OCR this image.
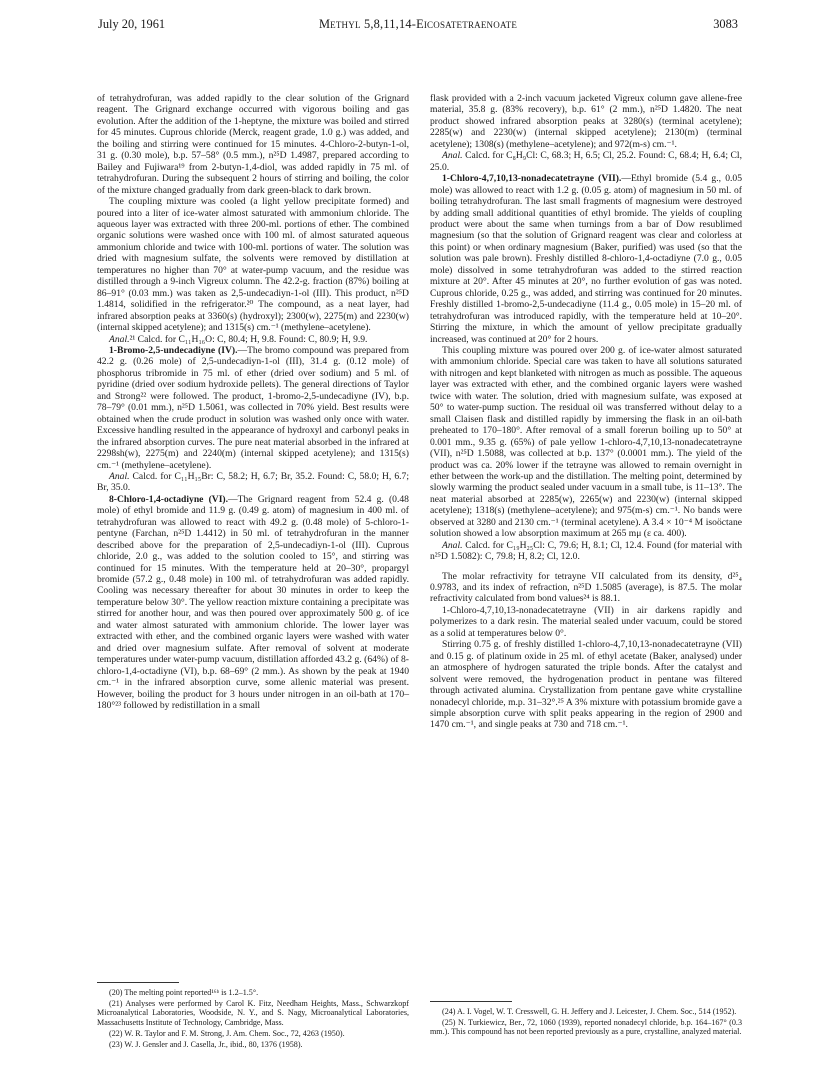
July 20, 1961	Methyl 5,8,11,14-Eicosatetraenoate	3083

of tetrahydrofuran, was added rapidly to the clear solution of the Grignard reagent. The Grignard exchange occurred with vigorous boiling and gas evolution. After the addition of the 1-heptyne, the mixture was boiled and stirred for 45 minutes. Cuprous chloride (Merck, reagent grade, 1.0 g.) was added, and the boiling and stirring were continued for 15 minutes. 4-Chloro-2-butyn-1-ol, 31 g. (0.30 mole), b.p. 57–58° (0.5 mm.), n²⁵D 1.4987, prepared according to Bailey and Fujiwara¹⁹ from 2-butyn-1,4-diol, was added rapidly in 75 ml. of tetrahydrofuran. During the subsequent 2 hours of stirring and boiling, the color of the mixture changed gradually from dark green-black to dark brown.

The coupling mixture was cooled (a light yellow precipitate formed) and poured into a liter of ice-water almost saturated with ammonium chloride. The aqueous layer was extracted with three 200-ml. portions of ether. The combined organic solutions were washed once with 100 ml. of almost saturated aqueous ammonium chloride and twice with 100-ml. portions of water. The solution was dried with magnesium sulfate, the solvents were removed by distillation at temperatures no higher than 70° at water-pump vacuum, and the residue was distilled through a 9-inch Vigreux column. The 42.2-g. fraction (87%) boiling at 86–91° (0.03 mm.) was taken as 2,5-undecadiyn-1-ol (III). This product, n²⁵D 1.4814, solidified in the refrigerator.²⁰ The compound, as a neat layer, had infrared absorption peaks at 3360(s) (hydroxyl); 2300(w), 2275(m) and 2230(w) (internal skipped acetylene); and 1315(s) cm.⁻¹ (methylene–acetylene).

Anal.²¹ Calcd. for C₁₁H₁₆O: C, 80.4; H, 9.8. Found: C, 80.9; H, 9.9.

1-Bromo-2,5-undecadiyne (IV).—The bromo compound was prepared from 42.2 g. (0.26 mole) of 2,5-undecadiyn-1-ol (III), 31.4 g. (0.12 mole) of phosphorus tribromide in 75 ml. of ether (dried over sodium) and 5 ml. of pyridine (dried over sodium hydroxide pellets). The general directions of Taylor and Strong²² were followed. The product, 1-bromo-2,5-undecadiyne (IV), b.p. 78–79° (0.01 mm.), n²⁵D 1.5061, was collected in 70% yield. Best results were obtained when the crude product in solution was washed only once with water. Excessive handling resulted in the appearance of hydroxyl and carbonyl peaks in the infrared absorption curves. The pure neat material absorbed in the infrared at 2298sh(w), 2275(m) and 2240(m) (internal skipped acetylene); and 1315(s) cm.⁻¹ (methylene–acetylene).

Anal. Calcd. for C₁₁H₁₅Br: C, 58.2; H, 6.7; Br, 35.2. Found: C, 58.0; H, 6.7; Br, 35.0.

8-Chloro-1,4-octadiyne (VI).—The Grignard reagent from 52.4 g. (0.48 mole) of ethyl bromide and 11.9 g. (0.49 g. atom) of magnesium in 400 ml. of tetrahydrofuran was allowed to react with 49.2 g. (0.48 mole) of 5-chloro-1-pentyne (Farchan, n²⁵D 1.4412) in 50 ml. of tetrahydrofuran in the manner described above for the preparation of 2,5-undecadiyn-1-ol (III). Cuprous chloride, 2.0 g., was added to the solution cooled to 15°, and stirring was continued for 15 minutes. With the temperature held at 20–30°, propargyl bromide (57.2 g., 0.48 mole) in 100 ml. of tetrahydrofuran was added rapidly. Cooling was necessary thereafter for about 30 minutes in order to keep the temperature below 30°. The yellow reaction mixture containing a precipitate was stirred for another hour, and was then poured over approximately 500 g. of ice and water almost saturated with ammonium chloride. The lower layer was extracted with ether, and the combined organic layers were washed with water and dried over magnesium sulfate. After removal of solvent at moderate temperatures under water-pump vacuum, distillation afforded 43.2 g. (64%) of 8-chloro-1,4-octadiyne (VI), b.p. 68–69° (2 mm.). As shown by the peak at 1940 cm.⁻¹ in the infrared absorption curve, some allenic material was present. However, boiling the product for 3 hours under nitrogen in an oil-bath at 170–180°²³ followed by redistillation in a small

flask provided with a 2-inch vacuum jacketed Vigreux column gave allene-free material, 35.8 g. (83% recovery), b.p. 61° (2 mm.), n²⁵D 1.4820. The neat product showed infrared absorption peaks at 3280(s) (terminal acetylene); 2285(w) and 2230(w) (internal skipped acetylene); 2130(m) (terminal acetylene); 1308(s) (methylene–acetylene); and 972(m-s) cm.⁻¹.

Anal. Calcd. for C₈H₉Cl: C, 68.3; H, 6.5; Cl, 25.2. Found: C, 68.4; H, 6.4; Cl, 25.0.

1-Chloro-4,7,10,13-nonadecatetrayne (VII).—Ethyl bromide (5.4 g., 0.05 mole) was allowed to react with 1.2 g. (0.05 g. atom) of magnesium in 50 ml. of boiling tetrahydrofuran. The last small fragments of magnesium were destroyed by adding small additional quantities of ethyl bromide. The yields of coupling product were about the same when turnings from a bar of Dow resublimed magnesium (so that the solution of Grignard reagent was clear and colorless at this point) or when ordinary magnesium (Baker, purified) was used (so that the solution was pale brown). Freshly distilled 8-chloro-1,4-octadiyne (7.0 g., 0.05 mole) dissolved in some tetrahydrofuran was added to the stirred reaction mixture at 20°. After 45 minutes at 20°, no further evolution of gas was noted. Cuprous chloride, 0.25 g., was added, and stirring was continued for 20 minutes. Freshly distilled 1-bromo-2,5-undecadiyne (11.4 g., 0.05 mole) in 15–20 ml. of tetrahydrofuran was introduced rapidly, with the temperature held at 10–20°. Stirring the mixture, in which the amount of yellow precipitate gradually increased, was continued at 20° for 2 hours.

This coupling mixture was poured over 200 g. of ice-water almost saturated with ammonium chloride. Special care was taken to have all solutions saturated with nitrogen and kept blanketed with nitrogen as much as possible. The aqueous layer was extracted with ether, and the combined organic layers were washed twice with water. The solution, dried with magnesium sulfate, was exposed at 50° to water-pump suction. The residual oil was transferred without delay to a small Claisen flask and distilled rapidly by immersing the flask in an oil-bath preheated to 170–180°. After removal of a small forerun boiling up to 50° at 0.001 mm., 9.35 g. (65%) of pale yellow 1-chloro-4,7,10,13-nonadecatetrayne (VII), n²⁵D 1.5088, was collected at b.p. 137° (0.0001 mm.). The yield of the product was ca. 20% lower if the tetrayne was allowed to remain overnight in ether between the work-up and the distillation. The melting point, determined by slowly warming the product sealed under vacuum in a small tube, is 11–13°. The neat material absorbed at 2285(w), 2265(w) and 2230(w) (internal skipped acetylene); 1318(s) (methylene–acetylene); and 975(m-s) cm.⁻¹. No bands were observed at 3280 and 2130 cm.⁻¹ (terminal acetylene). A 3.4 × 10⁻⁴ M isoöctane solution showed a low absorption maximum at 265 mμ (ε ca. 400).

Anal. Calcd. for C₁₉H₂₅Cl: C, 79.6; H, 8.1; Cl, 12.4. Found (for material with n²⁵D 1.5082): C, 79.8; H, 8.2; Cl, 12.0.

The molar refractivity for tetrayne VII calculated from its density, d²⁵₄ 0.9783, and its index of refraction, n²⁵D 1.5085 (average), is 87.5. The molar refractivity calculated from bond values²⁴ is 88.1.

1-Chloro-4,7,10,13-nonadecatetrayne (VII) in air darkens rapidly and polymerizes to a dark resin. The material sealed under vacuum, could be stored as a solid at temperatures below 0°.

Stirring 0.75 g. of freshly distilled 1-chloro-4,7,10,13-nonadecatetrayne (VII) and 0.15 g. of platinum oxide in 25 ml. of ethyl acetate (Baker, analysed) under an atmosphere of hydrogen saturated the triple bonds. After the catalyst and solvent were removed, the hydrogenation product in pentane was filtered through activated alumina. Crystallization from pentane gave white crystalline nonadecyl chloride, m.p. 31–32°.²⁵ A 3% mixture with potassium bromide gave a simple absorption curve with split peaks appearing in the region of 2900 and 1470 cm.⁻¹, and single peaks at 730 and 718 cm.⁻¹.

(20) The melting point reported¹⁶ᵇ is 1.2–1.5°.

(21) Analyses were performed by Carol K. Fitz, Needham Heights, Mass., Schwarzkopf Microanalytical Laboratories, Woodside, N. Y., and S. Nagy, Microanalytical Laboratories, Massachusetts Institute of Technology, Cambridge, Mass.

(22) W. R. Taylor and F. M. Strong, J. Am. Chem. Soc., 72, 4263 (1950).

(23) W. J. Gensler and J. Casella, Jr., ibid., 80, 1376 (1958).

(24) A. I. Vogel, W. T. Cresswell, G. H. Jeffery and J. Leicester, J. Chem. Soc., 514 (1952).

(25) N. Turkiewicz, Ber., 72, 1060 (1939), reported nonadecyl chloride, b.p. 164–167° (0.3 mm.). This compound has not been reported previously as a pure, crystalline, analyzed material.
